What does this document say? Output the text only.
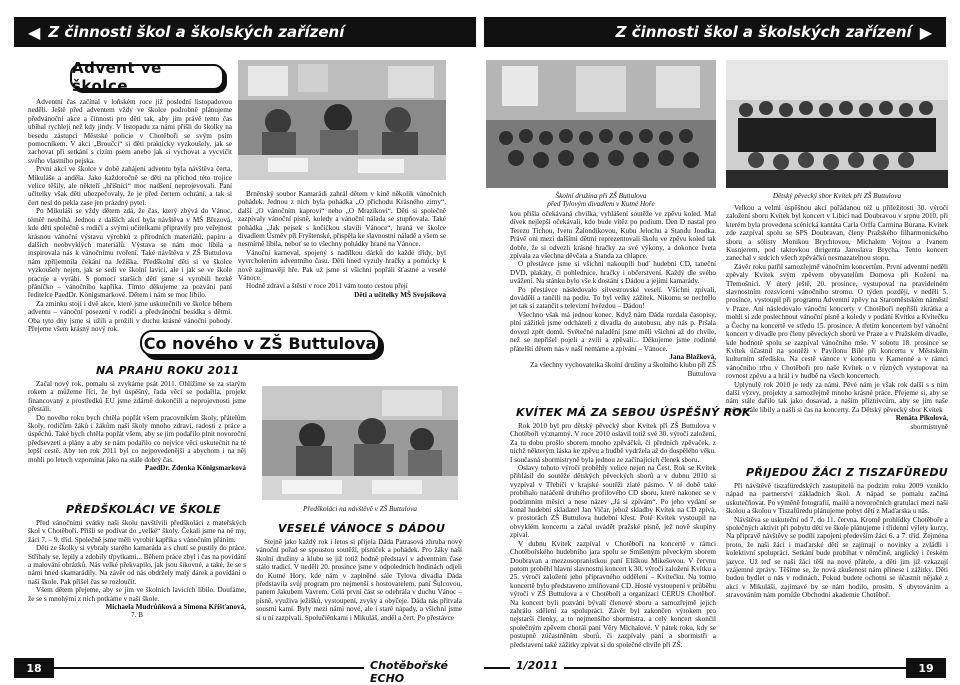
◀ Z činnosti škol a školských zařízení	Z činnosti škol a školských zařízení ▶
Advent ve školce

Adventní čas začínal v loňském roce již poslední listopadovou neděli. Ještě před adventem vždy ve školce podrobně plánujeme předvánoční akce a činnosti pro děti tak, aby jim právě tento čas ubíhal rychleji než kdy jindy. V listopadu za námi přišli do školky na besedu zástupci Městské policie v Chotěboři se svým psím pomocníkem. V akci „Broučci“ si děti prakticky vyzkoušely, jak se zachovat při setkání s cizím psem anebo jak si vychovat a vycvičit svého vlastního pejska.

První akcí ve školce v době zahájení adventu byla návštěva čerta, Mikuláše a anděla. Jako každoročně se děti na příchod této trojice velice těšily, ale někteří „hříšníci“ moc nadšení neprojevovali. Paní učitelky však děti ubezpečovaly, že je před čertem ochrání, a tak si čert nesl do pekla zase jen prázdný pytel.

Po Mikuláši se vždy dětem zdá, že čas, který zbývá do Vánoc, téměř neubíhá. Jednou z dalších akcí byla návštěva v MŠ Březová, kde děti společně s rodiči a svými učitelkami připravily pro veřejnost krásnou vánoční výstavu výrobků z přírodních materiálů, papíru a dalších neobvyklých materiálů. Výstava se nám moc líbila a inspirovala nás k vánočnímu tvoření. Také návštěva v ZŠ Buttulova nám zpříjemnila čekání na Ježíška. Předškolní děti si ve školce vyzkoušely nejen, jak se sedí ve školní lavici, ale i jak se ve škole pracuje a vyrábí. S pomocí starších dětí jsme si vyrobili hezké přáníčko – vánočního kapříka. Tímto děkujeme za pozvání paní ředitelce PaedDr. Königsmarkové. Dětem i nám se moc líbilo.

Za zmínku stojí i dvě akce, které jsme uskutečnili ve školce během adventu – vánoční posezení v rodiči a předvánoční besídka s dětmi. Oba tyto dny jsme si užili a prožili v duchu krásné vánoční pohody. Přejeme všem krásný nový rok.

Brněnský soubor Kamarádi zahrál dětem v kině několik vánočních pohádek. Jednou z nich byla pohádka „O přichodu Krásného zimy“, další „O vánočním kaprovi“ nebo „O Mrazíkovi“. Děti si společně zazpívaly vánoční písně, koledy a vánoční nálada se stupňovala. Také pohádka „Jak pejsek s kočičkou slavili Vánoce“, hraná ve školce divadlem Úsměv při Fryštenské, přispěla ke slavnostní náladě a všem se nesmírně líbila, neboť se to všechny pohádky hrané na Vánoce.

Vánoční karneval, spojený s nadílkou dárků do každé třídy, byl vyvrcholením adventního času. Děti hned vyzuly hračky a pomůcky k nově zajímavějí hře. Pak už jsme si všichni popřáli šťastné a veselé Vánoce.

Hodně zdraví a štěstí v roce 2011 vám touto cestou přejí

Děti a učitelky MŠ Svojsíkova

Co nového v ZŠ Buttulova
NA PRAHU ROKU 2011

Začal nový rok, pomalu si zvykáme psát 2011. Ohlížíme se za starým rokem a můžeme říci, že byl úspěšný, řada věcí se podařila, projekt financovaný z prostředků EU jsme zdárně dokončili a neprojevnosti jsme přestáli.

Do nového roku bych chtěla popřát všem pracovníkům školy, přátelům školy, rodičům žáků i žákům naší školy mnoho zdraví, radosti z práce a úspěchů. Také bych chtěla popřát všem, aby se jim podařilo plnit novoroční předsevzetí a plány a aby se nám podařilo co nejvíce věcí uskutečnit na té lepší cestě. Aby ten rok 2011 byl co nejpovedenější a abychom i na něj mohli po letech vzpomínat jako na stále dobrý čas.

PaedDr. Zdenka Königsmarková

PŘEDŠKOLÁCI VE ŠKOLE

Před vánočními svátky naši školu navštívili předškoláci z mateřských škol v Chotěboři. Přišli se podívat do „velké“ školy. Čekali jsme na ně my, žáci 7. – 9. tříd. Společně jsme měli vyrobit kapříka s vánočním přáním.

Děti ze školky si vybraly starého kamaráda a s chutí se pustily do práce. Stříhaly se, lepily a zdobily třpytkami... Během práce zbyl i čas na povídání a malování obrázků. Nás velké překvapilo, jak jsou šikovné, a také, že se s námi hned skamarádily. Na závěr od nás obdržely malý dárek a povídání o naší škole. Pak přišel čas se rozloučit.

Všem dětem přejeme, aby se jim ve školních lavicích líbilo. Doufáme, že se s mnohými z nich potkáme v naší škole.

Michaela Mudrůňková a Simona Křišťanová,

7. B

Předškoláci na návštěvě v ZŠ Buttulova
VESELÉ VÁNOCE S DÁDOU

Stejně jako každý rok i letos si přijela Dáda Patrasová zhruba nový vánoční pořad se spoustou soutěží, písniček a pohádek. Pro žáky naší školní družiny a klubu se již totiž hodně představí v adventním čase stálo tradicí. V neděli 20. prosince jsme v odpoledních hodinách odjeli do Kutné Hory, kde nám v zaplněné sále Tylova divadla Dáda představila svůj program pro nejmenší s hostovatelem, paní Šulcovou, panem Jakubem Vavrem. Celá první část se odehrála v duchu Vánoc – písně, využiva ježíšků, vystoupení, zvyky a obyčeje. Dáda nás přítvala sousmí kamí. Byly mezi námi nové, ale i staré nápady, a všichni jsme si u ní zazpívali. Spolučiěnkami i Mikuláš, anděl a čert. Po přestávce

18	Chotěbořské ECHO
Školní družina při ZŠ Buttulova
před Tylovým divadlem v Kutné Hoře
Dětský pěvecký sbor Kvítek při ZŠ Buttulova

kou přišla očekávaná chvilka, vyhlášení soutěže ve zpěvu koled. Mal dívek nejlepší očekávali, kdo bude vítěz po podium. Den D nastal pro Terezu Tichou, Ivetu Žalondíkovou, Kubu Jelochu a Standu Joudka. Právě oni mezi dalšími dětmi reprezentovali školu ve zpěvu koled tak dobře, že si odvezli krásné hračky za své výkony, a dokonce Iveta zpívala za všechna děvčata a Standa za chlapce.

O přestávce jsme si všichni nakoupili buď hudební CD, taneční DVD, plakáty, či pohlednice, hračky i občerstvení. Každý dle svého uvážení. Na stánku bylo vše k dostání s Dádou a jejími kamarády.

Po přestávce následovalo silvestrovské veselí. Všichni zpívali, dovádělí a tančili na podiu. To byl velký zážitek. Nikomu se nechtělo jet tak si zatančit s televizní hvězdou – Dádou!

Všechno však má jednou konec. Když nám Dáda rozdala časopisy, plní zážitků jsme odcházeli z divadla do autobusu, aby nás p. Pršala dovezl zpět domů. Světečné naladění jsme měli všichni až do chvíle, než se nepřišel pojeli a zvili a zpěvali... Děkujeme jsme rodinné přátelští dětem nás v naší nemáme a zpívání – Vánoce.

Jana Blažková,

Za všechny vychovatelka školní družiny a školního klubu při ZŠ Buttulova

KVÍTEK MÁ ZA SEBOU ÚSPĚŠNÝ ROK

Rok 2010 byl pro dětský pěvecký sbor Kvítek při ZŠ Buttulova v Chotěboři významný. V roce 2010 oslavil totiž své 30. výročí založení. Za tu dobu prošlo sborem mnoho zpěváčků, či předních zpěvaček, z nichž některým láska ke zpěvu a hudbě vydržela až do dospělého věku. I současná sbormistryně byla jednou ze začínajících členek sboru.

Oslavy tohoto výročí proběhly velice nejen na Čest. Rok se Kvítek přihlásil do soutěže dětských pěveckých sborů a v dubnu 2010 si vyzpíval v Třebíči v krajské soutěži zlaté pásmo. V té době také probíhalo natáčení druhého profilového CD sboru, které nakonec se v podzimním měsíci a nese název „Já si zpívám“. Po jeho vydání se konal hudební skladatel Jan Vičar, jehož skladby Kvítek na CD zpívá, v prostorách ZŠ Buttulova hudební křest. Poté Kvítek vystoupil na obvyklém koncertu a začal uvádět pražské písně, jež nově skupiny zpíval.

V dubnu Kvítek zazpíval v Chotěboři na koncertě v rámci Chotěbořského hudebního jara spolu se Smíšeným pěveckým sborem Doubravan a mezzosopranistkou paní Eliškou Mikešovou. V červnu potom proběhl hlavní slavnostní koncert k 30. výročí založení Kvítku a 25. výročí založení jeho přípravného oddělení – Kvítečku. Na tomto koncertě bylo představeno zmiňované CD. Hosté vystoupení v průběhu výročí v ZŠ Buttulova a v Chotěboři a organizaci CERUS Chotěboř. Na koncert byli pozváni bývalí členové sboru a samozřejmě jejich zahrálo sdělení za spolupráci. Závěr byl zakončen výrokem pro nejstarší členky, a to nejmenšího sbormistra, a celý koncert skončil společným zpěvem chorál paní Věry Michalové. V pátek roku, kdy se postupně zúčastněním sborů, či zazpívaly paní a sbormistři a představení také zážitky zpívat si do společné chvíle při ZŠ.

Velkou a velmi úspěšnou akcí pořádanou též u příležitosti 30. výročí založení sboru Kvítek byl koncert v Libici nad Doubravou v srpnu 2010, při kterém byla provedena scénická kantáta Carla Orffa Carmina Burana. Kvítek zde zazpíval spolu se SPS Doubravan, členy Pražského filharmonického sboru a sólisty Monikou Brychtovou, Michalem Vojtou a Ivanem Kusnjerem, pod taktovkou dirigenta Jaroslava Brycha. Tento koncert zanechal v srdcích všech zpěváčků nesmazatelnou stopu.

Závěr roku patřil samozřejmě vánočním koncertům. První adventní neděli zpěvaly Kvítek svým zpěvem obyvatelům Domova při Kožení na Třemošnici. V úterý ještě, 20. prosince, vystupoval na pravidelném slavnostním rozsvícení vánočního stromu. O týden později, v neděli 5. prosince, vystoupil při programu Adventní zpěvy na Staroměstském náměstí v Praze. Ani následovalo vánoční koncerty v Chotěboři nepřišli zkrátka a mohli si zde poslechnout vánoční písně a koledy v podání Kvítku a Kvítečku a Čechy na koncertě ve středu 15. prosince. A třetím koncertem byl vánoční koncert v divadle pro členy pěveckých sborů ve Praze a v Pražském divadle, kde hodnotě spolu se zazpíval vánočního mše. V sobotu 18. prosince se Kvítek účastnil na soutěži v Pavilonu Bílé při koncertu v Městském kulturním středisku. Na cestě vánoce v koncertu v Kamenné a v rámci vánočního trhu v Chotěboři pro naše Kvítek o v různých vystupovat na rovnost zpěvu a a hrál i v hudbě na všech koncertech.

Uplynulý rok 2010 je tedy za námi. Pěvé nám je však rok další s s ním další výzvy, projekty a samozřejmě mnoho krásné práce. Přejeme si, aby se nám stále dařilo tak jako dosavad, a naším příznivcům, aby se jim naše zpěvy stále líbily a našli si čas na koncerty. Za Dětský pěvecký sbor Kvítek

Renáta Pikolová,

sbormistryně

PŘIJEDOU ŽÁCI Z TISZAFÜREDU

Při návštěvě tiszafüredských zastupitelů na podzim roku 2009 vzniklo nápad na partnerství základních škol. A nápad se pomalu začíná uskutečňovat. Po výměně fotografií, mailů a novoročních gratulací mezi naší školou a školou v Tiszafüredu plánujeme pobyt dětí z Maďarska u nás.

Návštěva se uskuteční od 7. do 11. června. Kromě prohlídky Chotěboře a společných aktivit při pobytu dětí ve škole plánujeme i třídenní výlety kurzy. Na přípravě návštěvy se podílí zapojení především žáci 6. a 7. tříd. Zejména proto, že naši žáci i maďarské děti se zajímají o novinky a zvládli i kolektivní spolupráci. Setkání bude probíhat v němčině, anglický i českém jazyce. Už teď se naši žáci těší na nové přátele, a děti jim již vzkazují vzájemné zprávy. Těšíme se, že nová zkušenost nám přinese i zážitky. Děti budou bydlet u nás v rodinách. Pokud budete ochotni se účastnit nějaké z akcí v Mikuláši, zajímavé by se nám hodilo, prosím. S ubytováním a stravováním nám pomůže Obchodní akademie Chotěboř.

1/2011	19
